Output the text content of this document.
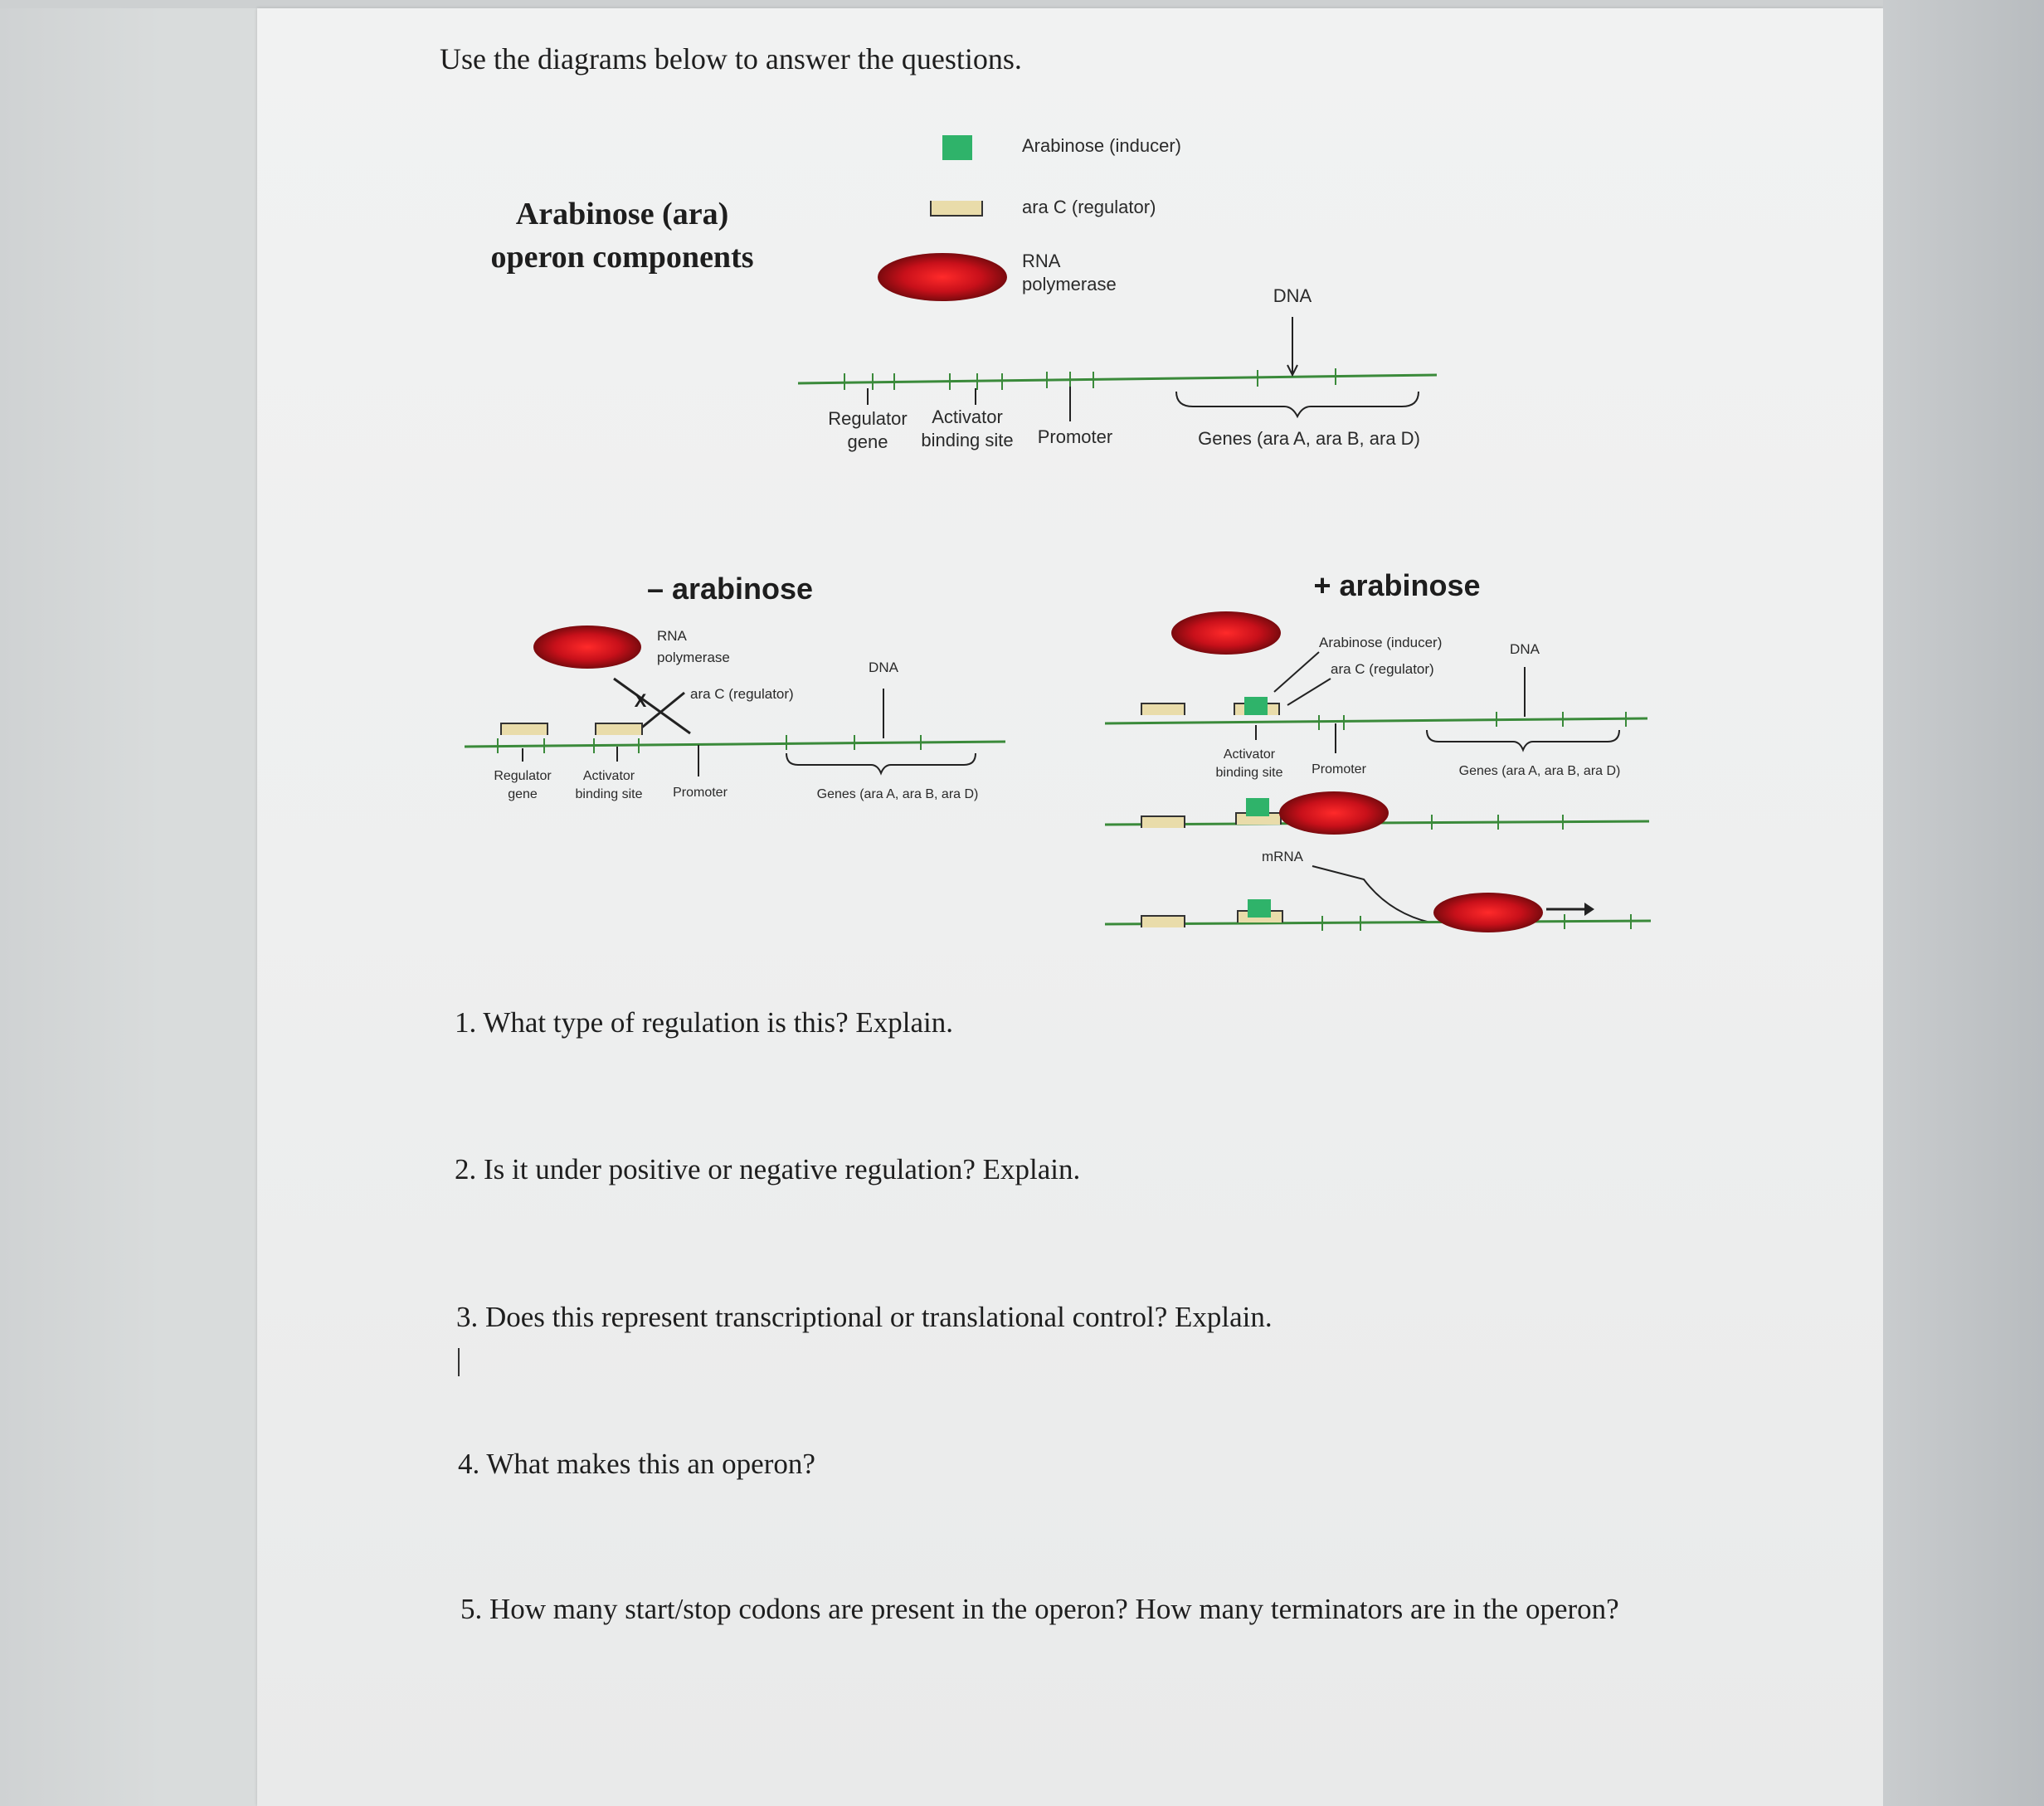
Use the diagrams below to answer the questions.
Arabinose (ara)
operon components
Arabinose (inducer)
ara C (regulator)
RNA
polymerase
DNA
Regulator
gene
Activator
binding site Promoter	Genes (ara A, ara B, ara D)
– arabinose
RNA
polymerase
ara C (regulator)
DNA
X
Regulator
gene
Activator
binding site Promoter	Genes (ara A, ara B, ara D)
+ arabinose
Arabinose (inducer)
ara C (regulator)
DNA
Activator
binding site Promoter	Genes (ara A, ara B, ara D)
mRNA
1. What type of regulation is this? Explain.
2. Is it under positive or negative regulation? Explain.
3. Does this represent transcriptional or translational control? Explain.
4. What makes this an operon?
5. How many start/stop codons are present in the operon? How many terminators are in the operon?
